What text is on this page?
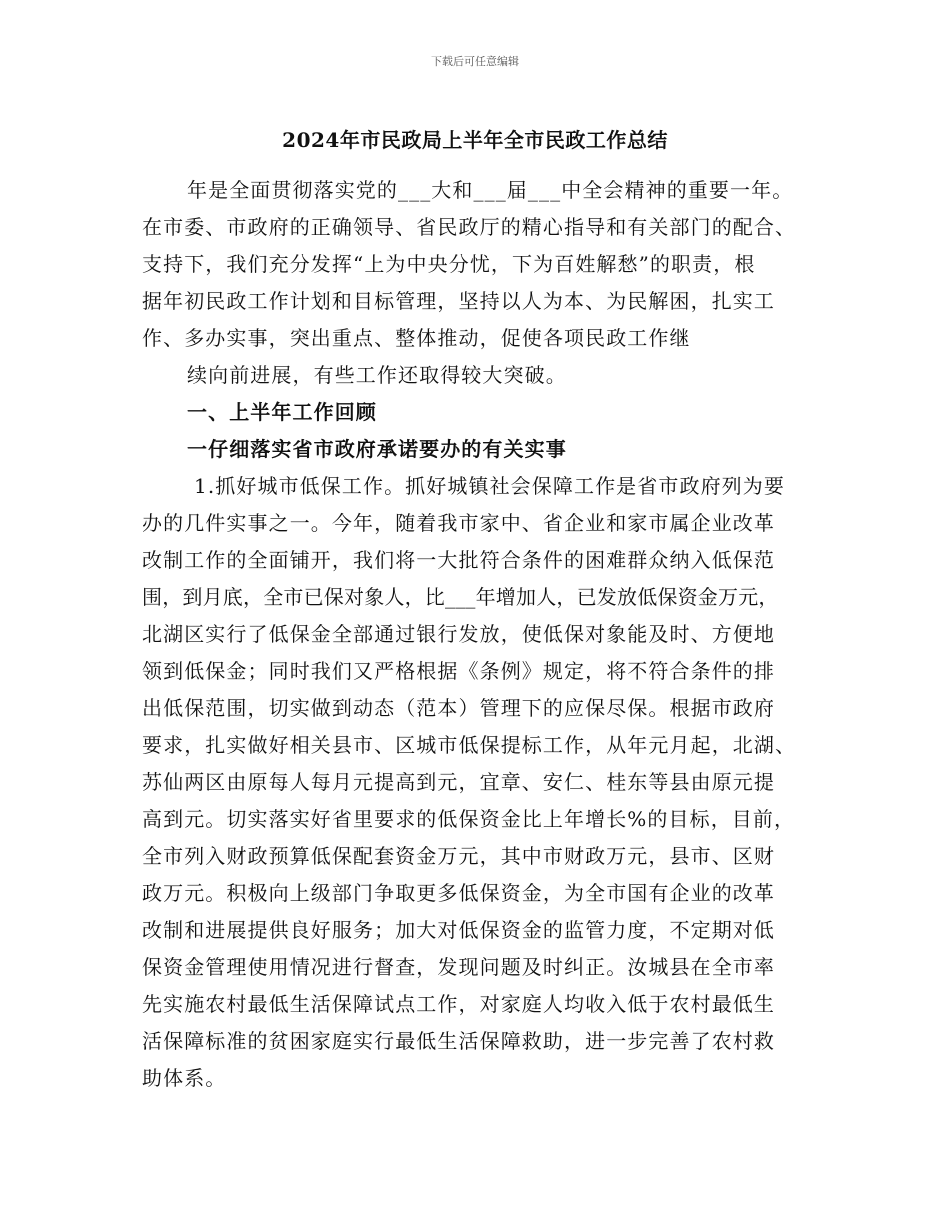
下载后可任意编辑
2024年市民政局上半年全市民政工作总结
年是全面贯彻落实党的___大和___届___中全会精神的重要一年。
在市委、市政府的正确领导、省民政厅的精心指导和有关部门的配合、
支持下，我们充分发挥“上为中央分忧，下为百姓解愁”的职责，根
据年初民政工作计划和目标管理，坚持以人为本、为民解困，扎实工
作、多办实事，突出重点、整体推动，促使各项民政工作继
续向前进展，有些工作还取得较大突破。
一、上半年工作回顾
一仔细落实省市政府承诺要办的有关实事
1.抓好城市低保工作。抓好城镇社会保障工作是省市政府列为要
办的几件实事之一。今年，随着我市家中、省企业和家市属企业改革
改制工作的全面铺开，我们将一大批符合条件的困难群众纳入低保范
围，到月底，全市已保对象人，比___年增加人，已发放低保资金万元，
北湖区实行了低保金全部通过银行发放，使低保对象能及时、方便地
领到低保金；同时我们又严格根据《条例》规定，将不符合条件的排
出低保范围，切实做到动态（范本）管理下的应保尽保。根据市政府
要求，扎实做好相关县市、区城市低保提标工作，从年元月起，北湖、
苏仙两区由原每人每月元提高到元，宜章、安仁、桂东等县由原元提
高到元。切实落实好省里要求的低保资金比上年增长%的目标，目前，
全市列入财政预算低保配套资金万元，其中市财政万元，县市、区财
政万元。积极向上级部门争取更多低保资金，为全市国有企业的改革
改制和进展提供良好服务；加大对低保资金的监管力度，不定期对低
保资金管理使用情况进行督查，发现问题及时纠正。汝城县在全市率
先实施农村最低生活保障试点工作，对家庭人均收入低于农村最低生
活保障标准的贫困家庭实行最低生活保障救助，进一步完善了农村救
助体系。
